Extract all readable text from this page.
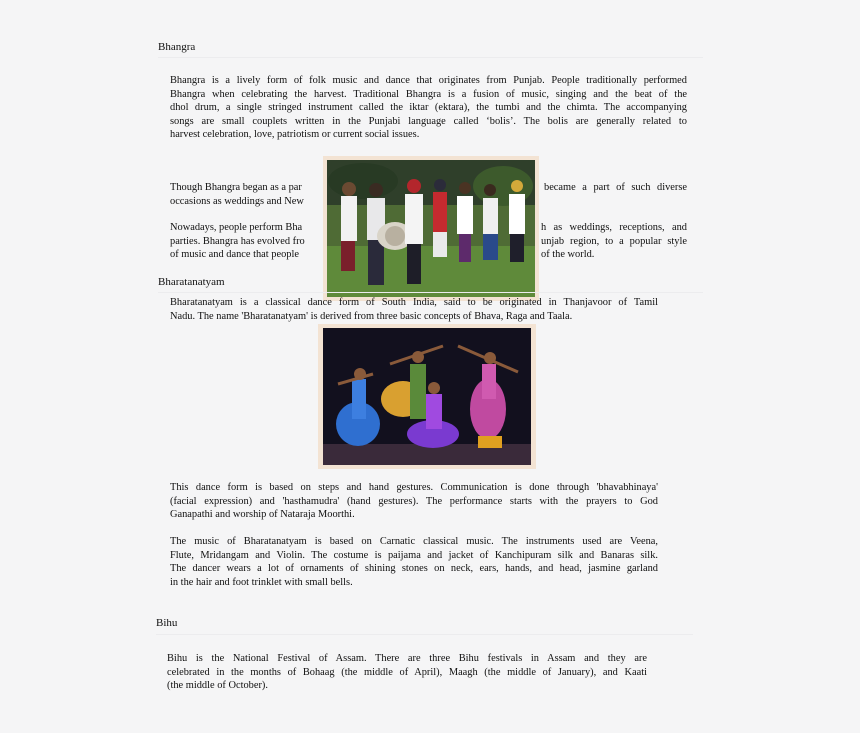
Bhangra
Bhangra is a lively form of folk music and dance that originates from Punjab. People traditionally performed
Bhangra when celebrating the harvest. Traditional Bhangra is a fusion of music, singing and the beat of the
dhol drum, a single stringed instrument called the iktar (ektara), the tumbi and the chimta. The accompanying
songs are small couplets written in the Punjabi language called ‘bolis’. The bolis are generally related to
harvest celebration, love, patriotism or current social issues.
Though Bhangra began as a par
occasions as weddings and New
became a part of such diverse
Nowadays, people perform Bha
parties. Bhangra has evolved fro
of music and dance that people
h as weddings, receptions, and
unjab region, to a popular style
of the world.
Bharatanatyam
Bharatanatyam is a classical dance form of South India, said to be originated in Thanjavoor of Tamil
Nadu. The name 'Bharatanatyam' is derived from three basic concepts of Bhava, Raga and Taala.
This dance form is based on steps and hand gestures. Communication is done through 'bhavabhinaya'
(facial expression) and 'hasthamudra' (hand gestures). The performance starts with the prayers to God
Ganapathi and worship of Nataraja Moorthi.
The music of Bharatanatyam is based on Carnatic classical music. The instruments used are Veena,
Flute, Mridangam and Violin. The costume is paijama and jacket of Kanchipuram silk and Banaras silk.
The dancer wears a lot of ornaments of shining stones on neck, ears, hands, and head, jasmine garland
in the hair and foot trinklet with small bells.
Bihu
Bihu is the National Festival of Assam. There are three Bihu festivals in Assam and they are
celebrated in the months of Bohaag (the middle of April), Maagh (the middle of January), and Kaati
(the middle of October).
